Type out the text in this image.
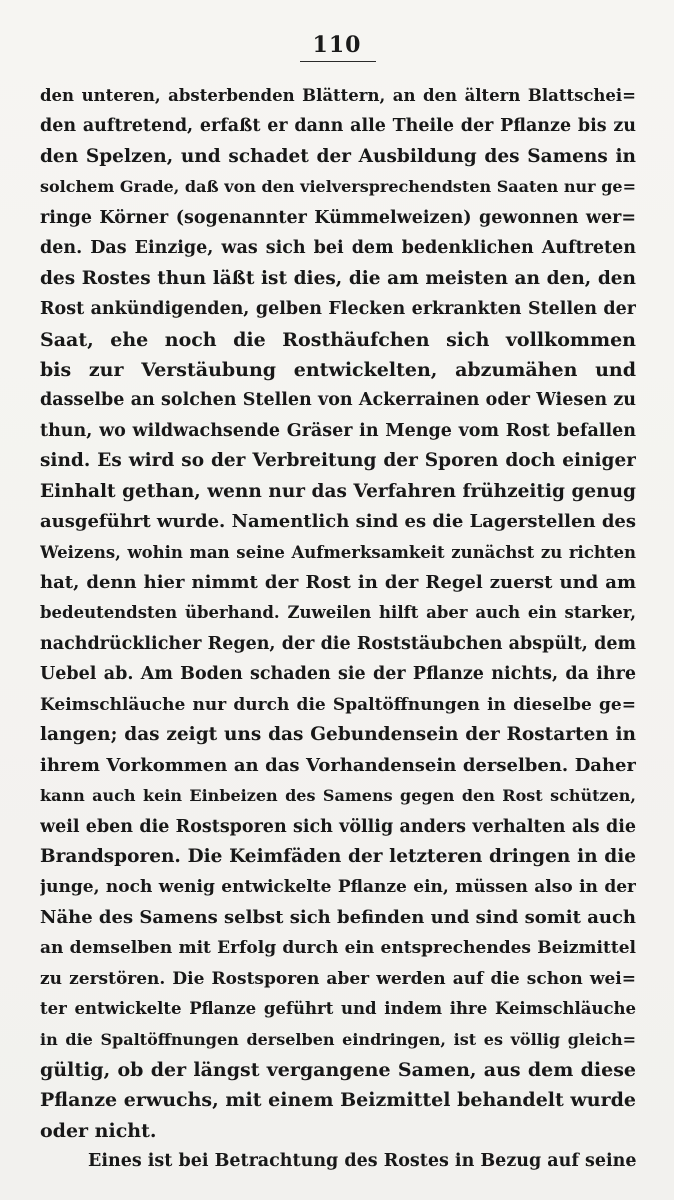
110
den unteren, absterbenden Blättern, an den ältern Blattschei=
den auftretend, erfaßt er dann alle Theile der Pflanze bis zu
den Spelzen, und schadet der Ausbildung des Samens in
solchem Grade, daß von den vielversprechendsten Saaten nur ge=
ringe Körner (sogenannter Kümmelweizen) gewonnen wer=
den. Das Einzige, was sich bei dem bedenklichen Auftreten
des Rostes thun läßt ist dies, die am meisten an den, den
Rost ankündigenden, gelben Flecken erkrankten Stellen der
Saat, ehe noch die Rosthäufchen sich vollkommen
bis zur Verstäubung entwickelten, abzumähen und
dasselbe an solchen Stellen von Ackerrainen oder Wiesen zu
thun, wo wildwachsende Gräser in Menge vom Rost befallen
sind. Es wird so der Verbreitung der Sporen doch einiger
Einhalt gethan, wenn nur das Verfahren frühzeitig genug
ausgeführt wurde. Namentlich sind es die Lagerstellen des
Weizens, wohin man seine Aufmerksamkeit zunächst zu richten
hat, denn hier nimmt der Rost in der Regel zuerst und am
bedeutendsten überhand. Zuweilen hilft aber auch ein starker,
nachdrücklicher Regen, der die Roststäubchen abspült, dem
Uebel ab. Am Boden schaden sie der Pflanze nichts, da ihre
Keimschläuche nur durch die Spaltöffnungen in dieselbe ge=
langen; das zeigt uns das Gebundensein der Rostarten in
ihrem Vorkommen an das Vorhandensein derselben. Daher
kann auch kein Einbeizen des Samens gegen den Rost schützen,
weil eben die Rostsporen sich völlig anders verhalten als die
Brandsporen. Die Keimfäden der letzteren dringen in die
junge, noch wenig entwickelte Pflanze ein, müssen also in der
Nähe des Samens selbst sich befinden und sind somit auch
an demselben mit Erfolg durch ein entsprechendes Beizmittel
zu zerstören. Die Rostsporen aber werden auf die schon wei=
ter entwickelte Pflanze geführt und indem ihre Keimschläuche
in die Spaltöffnungen derselben eindringen, ist es völlig gleich=
gültig, ob der längst vergangene Samen, aus dem diese
Pflanze erwuchs, mit einem Beizmittel behandelt wurde
oder nicht.
Eines ist bei Betrachtung des Rostes in Bezug auf seine
